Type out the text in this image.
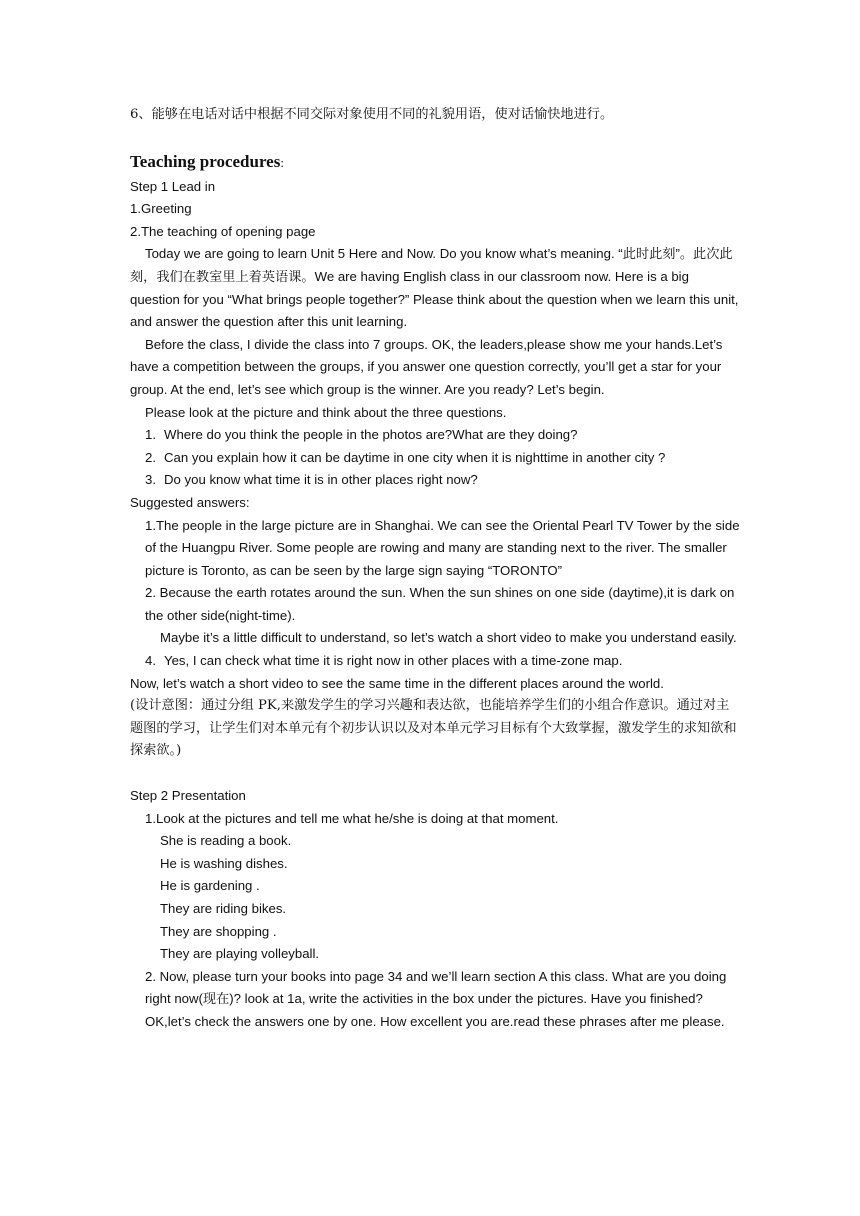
6、能够在电话对话中根据不同交际对象使用不同的礼貌用语，使对话愉快地进行。
Teaching procedures:
Step 1 Lead in
1.Greeting
2.The teaching of opening page
Today we are going to learn Unit 5 Here and Now. Do you know what’s meaning. “此时此刻”。此次此刻，我们在教室里上着英语课。We are having English class in our classroom now. Here is a big question for you “What brings people together?” Please think about the question when we learn this unit, and answer the question after this unit learning.
Before the class, I divide the class into 7 groups. OK, the leaders,please show me your hands.Let’s have a competition between the groups, if you answer one question correctly, you’ll get a star for your group. At the end, let’s see which group is the winner. Are you ready? Let’s begin.
Please look at the picture and think about the three questions.
1. Where do you think the people in the photos are?What are they doing?
2. Can you explain how it can be daytime in one city when it is nighttime in another city ?
3. Do you know what time it is in other places right now?
Suggested answers:
1.The people in the large picture are in Shanghai. We can see the Oriental Pearl TV Tower by the side of the Huangpu River. Some people are rowing and many are standing next to the river. The smaller picture is Toronto, as can be seen by the large sign saying “TORONTO”
2. Because the earth rotates around the sun. When the sun shines on one side (daytime),it is dark on the other side(night-time).
Maybe it’s a little difficult to understand, so let’s watch a short video to make you understand easily.
4. Yes, I can check what time it is right now in other places with a time-zone map.
Now, let’s watch a short video to see the same time in the different places around the world.
(设计意图：通过分组 PK,来激发学生的学习兴趣和表达欲，也能培养学生们的小组合作意识。通过对主题图的学习，让学生们对本单元有个初步认识以及对本单元学习目标有个大致掌握，激发学生的求知欲和探索欲。)
Step 2 Presentation
1.Look at the pictures and tell me what he/she is doing at that moment.
She is reading a book.
He is washing dishes.
He is gardening .
They are riding bikes.
They are shopping .
They are playing volleyball.
2. Now, please turn your books into page 34 and we’ll learn section A this class. What are you doing right now(现在)? look at 1a, write the activities in the box under the pictures. Have you finished? OK,let’s check the answers one by one. How excellent you are.read these phrases after me please.
